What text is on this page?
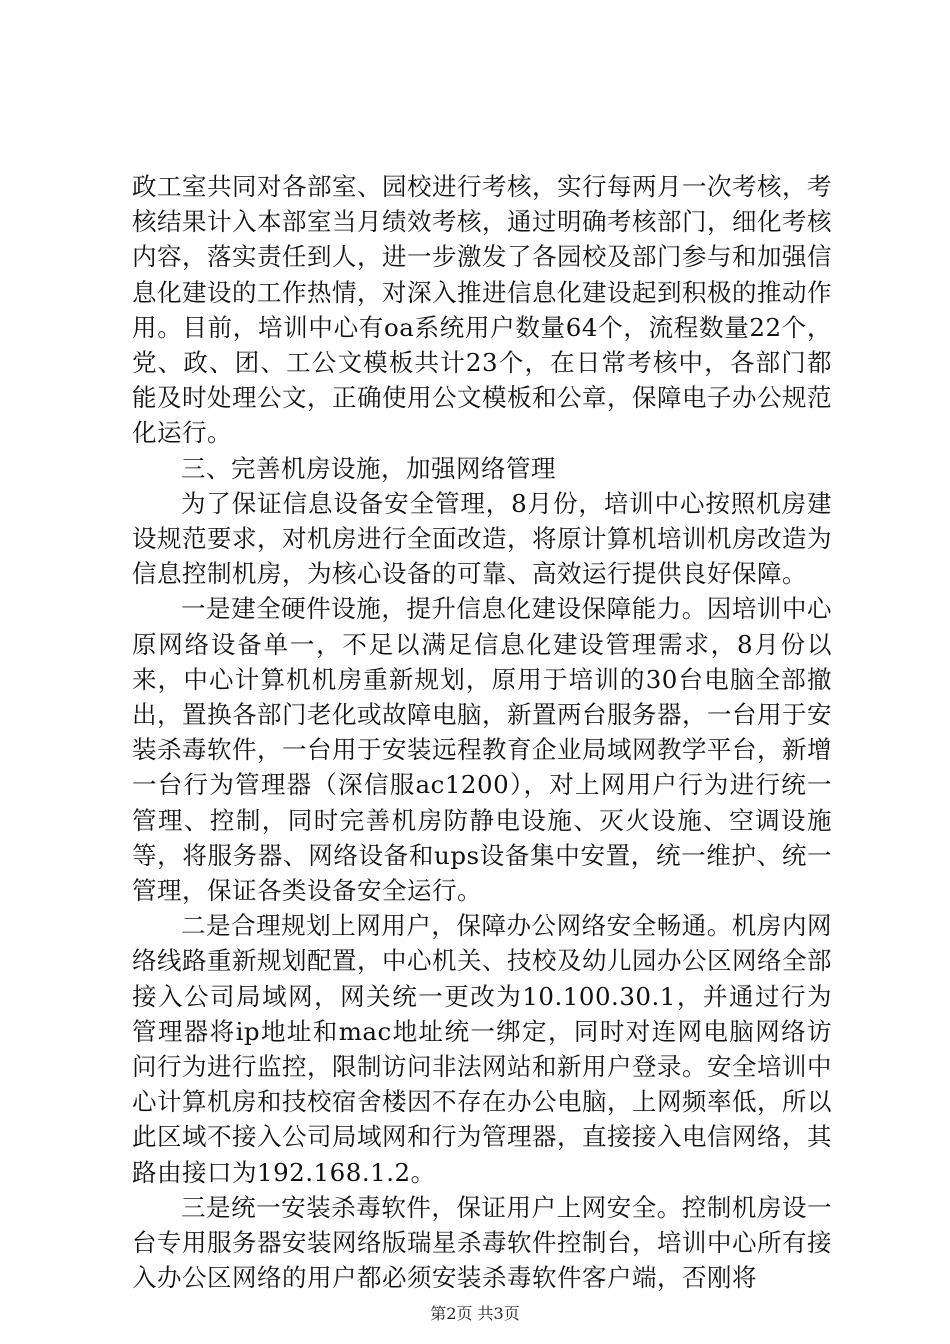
政工室共同对各部室、园校进行考核，实行每两月一次考核，考核结果计入本部室当月绩效考核，通过明确考核部门，细化考核内容，落实责任到人，进一步激发了各园校及部门参与和加强信息化建设的工作热情，对深入推进信息化建设起到积极的推动作用。目前，培训中心有oa系统用户数量64个，流程数量22个，党、政、团、工公文模板共计23个，在日常考核中，各部门都能及时处理公文，正确使用公文模板和公章，保障电子办公规范化运行。

三、完善机房设施，加强网络管理

为了保证信息设备安全管理，8月份，培训中心按照机房建设规范要求，对机房进行全面改造，将原计算机培训机房改造为信息控制机房，为核心设备的可靠、高效运行提供良好保障。

一是建全硬件设施，提升信息化建设保障能力。因培训中心原网络设备单一，不足以满足信息化建设管理需求，8月份以来，中心计算机机房重新规划，原用于培训的30台电脑全部撤出，置换各部门老化或故障电脑，新置两台服务器，一台用于安装杀毒软件，一台用于安装远程教育企业局域网教学平台，新增一台行为管理器（深信服ac1200），对上网用户行为进行统一管理、控制，同时完善机房防静电设施、灭火设施、空调设施等，将服务器、网络设备和ups设备集中安置，统一维护、统一管理，保证各类设备安全运行。

二是合理规划上网用户，保障办公网络安全畅通。机房内网络线路重新规划配置，中心机关、技校及幼儿园办公区网络全部接入公司局域网，网关统一更改为10.100.30.1，并通过行为管理器将ip地址和mac地址统一绑定，同时对连网电脑网络访问行为进行监控，限制访问非法网站和新用户登录。安全培训中心计算机房和技校宿舍楼因不存在办公电脑，上网频率低，所以此区域不接入公司局域网和行为管理器，直接接入电信网络，其路由接口为192.168.1.2。

三是统一安装杀毒软件，保证用户上网安全。控制机房设一台专用服务器安装网络版瑞星杀毒软件控制台，培训中心所有接入办公区网络的用户都必须安装杀毒软件客户端，否刚将

第2页 共3页
